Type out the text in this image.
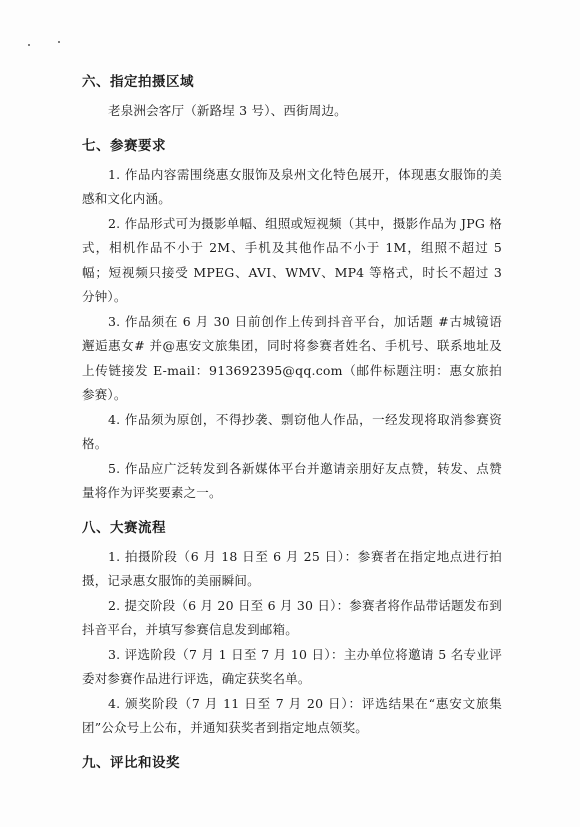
六、指定拍摄区域

老泉洲会客厅（新路埕 3 号）、西街周边。

七、参赛要求

1. 作品内容需围绕惠女服饰及泉州文化特色展开，体现惠女服饰的美感和文化内涵。

2. 作品形式可为摄影单幅、组照或短视频（其中，摄影作品为 JPG 格式，相机作品不小于 2M、手机及其他作品不小于 1M，组照不超过 5 幅；短视频只接受 MPEG、AVI、WMV、MP4 等格式，时长不超过 3 分钟）。

3. 作品须在 6 月 30 日前创作上传到抖音平台，加话题 #古城镜语 邂逅惠女# 并@惠安文旅集团，同时将参赛者姓名、手机号、联系地址及上传链接发 E-mail：913692395@qq.com（邮件标题注明：惠女旅拍参赛）。

4. 作品须为原创，不得抄袭、剽窃他人作品，一经发现将取消参赛资格。

5. 作品应广泛转发到各新媒体平台并邀请亲朋好友点赞，转发、点赞量将作为评奖要素之一。

八、大赛流程

1. 拍摄阶段（6 月 18 日至 6 月 25 日）：参赛者在指定地点进行拍摄，记录惠女服饰的美丽瞬间。

2. 提交阶段（6 月 20 日至 6 月 30 日）：参赛者将作品带话题发布到抖音平台，并填写参赛信息发到邮箱。

3. 评选阶段（7 月 1 日至 7 月 10 日）：主办单位将邀请 5 名专业评委对参赛作品进行评选，确定获奖名单。

4. 颁奖阶段（7 月 11 日至 7 月 20 日）：评选结果在“惠安文旅集团”公众号上公布，并通知获奖者到指定地点领奖。

九、评比和设奖
